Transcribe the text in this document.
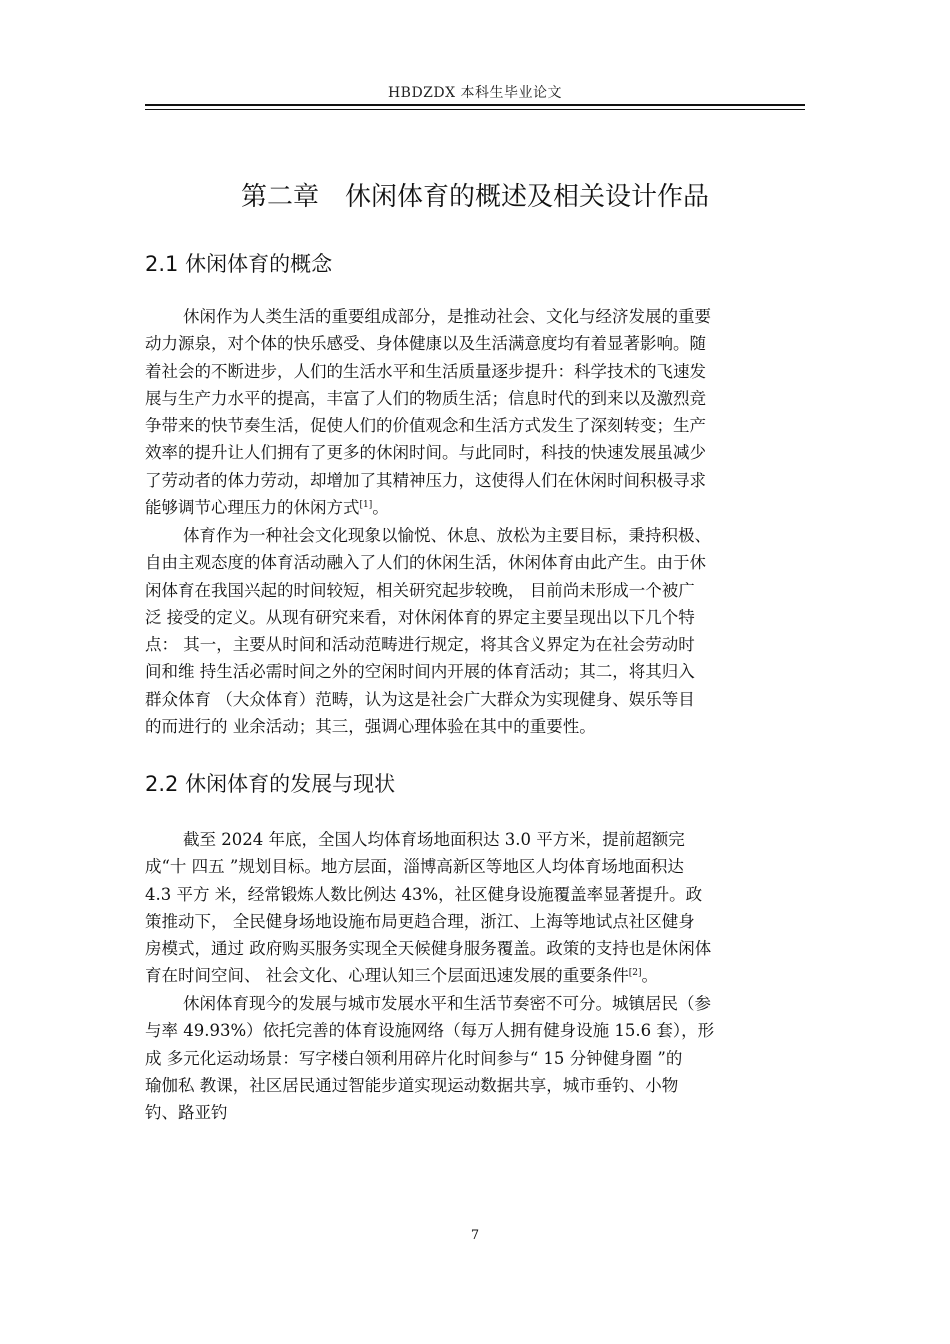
HBDZDX 本科生毕业论文
第二章　休闲体育的概述及相关设计作品
2.1 休闲体育的概念
休闲作为人类生活的重要组成部分，是推动社会、文化与经济发展的重要
动力源泉，对个体的快乐感受、身体健康以及生活满意度均有着显著影响。随
着社会的不断进步，人们的生活水平和生活质量逐步提升：科学技术的飞速发
展与生产力水平的提高，丰富了人们的物质生活；信息时代的到来以及激烈竞
争带来的快节奏生活，促使人们的价值观念和生活方式发生了深刻转变；生产
效率的提升让人们拥有了更多的休闲时间。与此同时，科技的快速发展虽减少
了劳动者的体力劳动，却增加了其精神压力，这使得人们在休闲时间积极寻求
能够调节心理压力的休闲方式[1]。
体育作为一种社会文化现象以愉悦、休息、放松为主要目标，秉持积极、
自由主观态度的体育活动融入了人们的休闲生活，休闲体育由此产生。由于休
闲体育在我国兴起的时间较短，相关研究起步较晚， 目前尚未形成一个被广
泛 接受的定义。从现有研究来看，对休闲体育的界定主要呈现出以下几个特
点： 其一，主要从时间和活动范畴进行规定，将其含义界定为在社会劳动时
间和维 持生活必需时间之外的空闲时间内开展的体育活动；其二，将其归入
群众体育 （大众体育）范畴，认为这是社会广大群众为实现健身、娱乐等目
的而进行的 业余活动；其三，强调心理体验在其中的重要性。
2.2 休闲体育的发展与现状
截至 2024 年底，全国人均体育场地面积达 3.0 平方米，提前超额完
成“十 四五 ”规划目标。地方层面，淄博高新区等地区人均体育场地面积达
4.3 平方 米，经常锻炼人数比例达 43%，社区健身设施覆盖率显著提升。政
策推动下， 全民健身场地设施布局更趋合理，浙江、上海等地试点社区健身
房模式，通过 政府购买服务实现全天候健身服务覆盖。政策的支持也是休闲体
育在时间空间、 社会文化、心理认知三个层面迅速发展的重要条件[2]。
休闲体育现今的发展与城市发展水平和生活节奏密不可分。城镇居民（参
与率 49.93%）依托完善的体育设施网络（每万人拥有健身设施 15.6 套），形
成 多元化运动场景：写字楼白领利用碎片化时间参与“ 15 分钟健身圈 ”的
瑜伽私 教课，社区居民通过智能步道实现运动数据共享，城市垂钓、小物
钓、路亚钓
7
